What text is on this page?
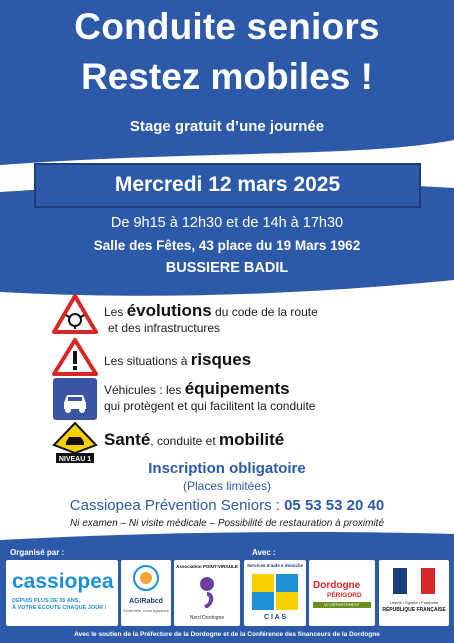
Conduite seniors
Restez mobiles !
Stage gratuit d’une journée
Mercredi 12 mars 2025
De 9h15 à 12h30 et de 14h à 17h30
Salle des Fêtes, 43 place du 19 Mars 1962
BUSSIERE BADIL
Les évolutions du code de la route
et des infrastructures
Les situations à risques
Véhicules : les équipements
qui protègent et qui facilitent la conduite
NIVEAU 1
Santé, conduite et mobilité
Inscription obligatoire
(Places limitées)
Cassiopea Prévention Seniors : 05 53 53 20 40
Ni examen – Ni visite médicale – Possibilité de restauration à proximité
Organisé par :	Avec :
cassiopea
DEPUIS PLUS DE 35 ANS,
À VOTRE ÉCOUTE CHAQUE JOUR !
AGIRabcd
Ensemble, nous agissons
Association POINT-VIRGULE
Nord Dordogne
Services d’aide à domicile
C I A S
Dordogne
PÉRIGORD
LE DÉPARTEMENT	Liberté • Égalité • Fraternité
RÉPUBLIQUE FRANÇAISE
Avec le soutien de la Préfecture de la Dordogne et de la Conférence des financeurs de la Dordogne
